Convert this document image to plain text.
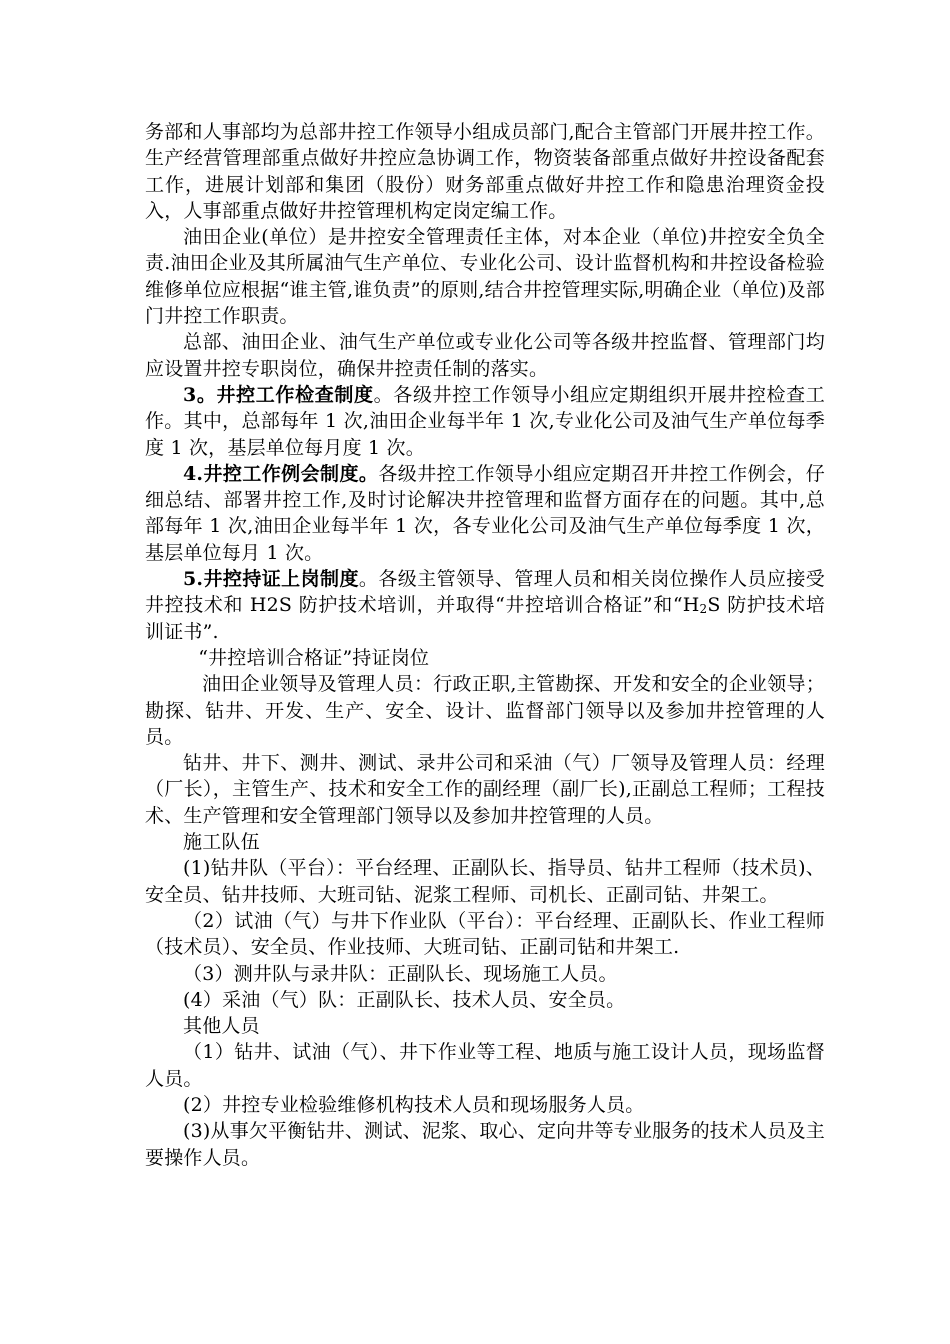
务部和人事部均为总部井控工作领导小组成员部门,配合主管部门开展井控工作。生产经营管理部重点做好井控应急协调工作，物资装备部重点做好井控设备配套工作，进展计划部和集团（股份）财务部重点做好井控工作和隐患治理资金投入，人事部重点做好井控管理机构定岗定编工作。

油田企业(单位）是井控安全管理责任主体，对本企业（单位)井控安全负全责.油田企业及其所属油气生产单位、专业化公司、设计监督机构和井控设备检验维修单位应根据“谁主管,谁负责”的原则,结合井控管理实际,明确企业（单位)及部门井控工作职责。

总部、油田企业、油气生产单位或专业化公司等各级井控监督、管理部门均应设置井控专职岗位，确保井控责任制的落实。

3。井控工作检查制度。各级井控工作领导小组应定期组织开展井控检查工作。其中，总部每年 1 次,油田企业每半年 1 次,专业化公司及油气生产单位每季度 1 次，基层单位每月度 1 次。

4.井控工作例会制度。各级井控工作领导小组应定期召开井控工作例会，仔细总结、部署井控工作,及时讨论解决井控管理和监督方面存在的问题。其中,总部每年 1 次,油田企业每半年 1 次，各专业化公司及油气生产单位每季度 1 次，基层单位每月 1 次。

5.井控持证上岗制度。各级主管领导、管理人员和相关岗位操作人员应接受井控技术和 H2S 防护技术培训，并取得“井控培训合格证”和“$H_2S$ 防护技术培训证书”.

“井控培训合格证”持证岗位

油田企业领导及管理人员：行政正职,主管勘探、开发和安全的企业领导；勘探、钻井、开发、生产、安全、设计、监督部门领导以及参加井控管理的人员。

钻井、井下、测井、测试、录井公司和采油（气）厂领导及管理人员：经理（厂长），主管生产、技术和安全工作的副经理（副厂长),正副总工程师；工程技术、生产管理和安全管理部门领导以及参加井控管理的人员。

施工队伍

(1)钻井队（平台）：平台经理、正副队长、指导员、钻井工程师（技术员)、安全员、钻井技师、大班司钻、泥浆工程师、司机长、正副司钻、井架工。

（2）试油（气）与井下作业队（平台）：平台经理、正副队长、作业工程师（技术员）、安全员、作业技师、大班司钻、正副司钻和井架工.

（3）测井队与录井队：正副队长、现场施工人员。

(4）采油（气）队：正副队长、技术人员、安全员。

其他人员

（1）钻井、试油（气）、井下作业等工程、地质与施工设计人员，现场监督人员。

(2）井控专业检验维修机构技术人员和现场服务人员。

(3)从事欠平衡钻井、测试、泥浆、取心、定向井等专业服务的技术人员及主要操作人员。
